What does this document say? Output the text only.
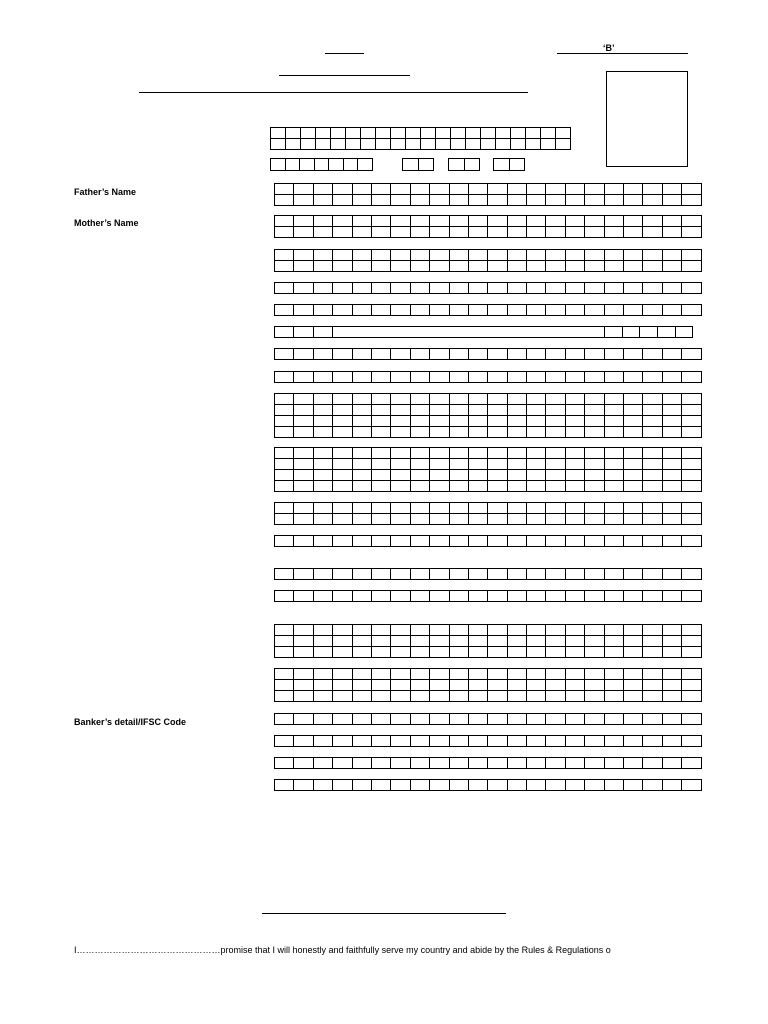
‘B’
Father’s Name
Mother’s Name
Banker’s detail/IFSC Code
I…………………………………………promise that I will honestly and faithfully serve my country and abide by the Rules & Regulations o
